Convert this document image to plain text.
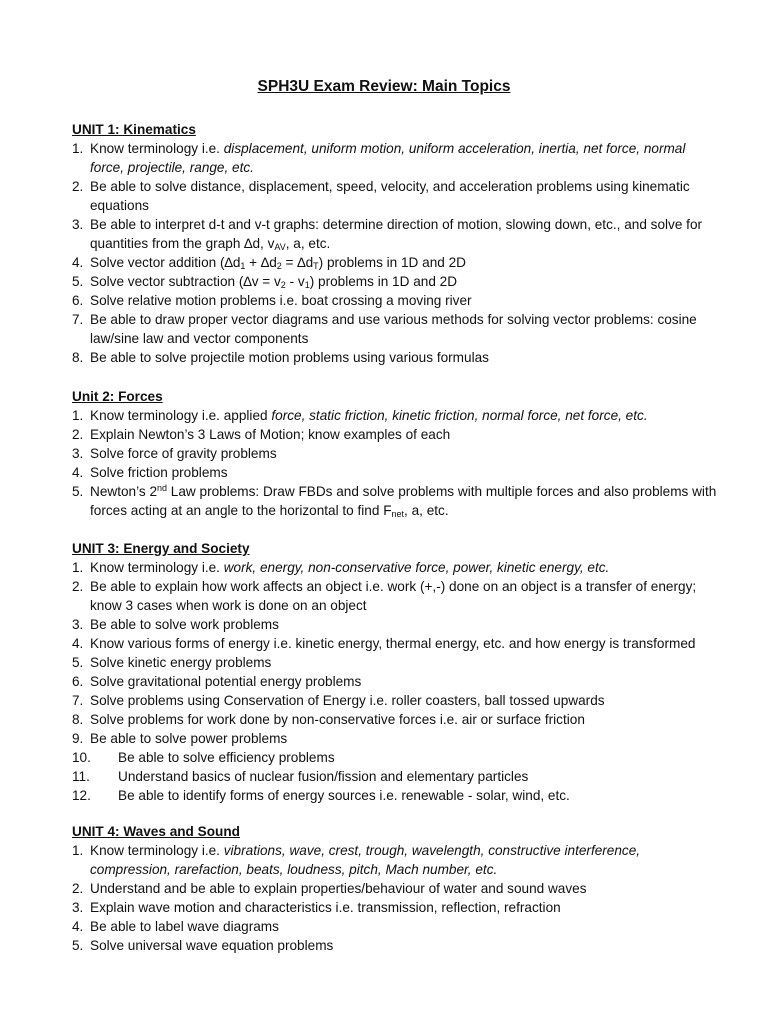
SPH3U Exam Review: Main Topics
UNIT 1: Kinematics
1. Know terminology i.e. displacement, uniform motion, uniform acceleration, inertia, net force, normal force, projectile, range, etc.
2. Be able to solve distance, displacement, speed, velocity, and acceleration problems using kinematic equations
3. Be able to interpret d-t and v-t graphs: determine direction of motion, slowing down, etc., and solve for quantities from the graph ∆d, $v_{AV}$, a, etc.
4. Solve vector addition $(\Delta d_1 + \Delta d_2 = \Delta d_T)$ problems in 1D and 2D
5. Solve vector subtraction $(\Delta v = v_2 - v_1)$ problems in 1D and 2D
6. Solve relative motion problems i.e. boat crossing a moving river
7. Be able to draw proper vector diagrams and use various methods for solving vector problems: cosine law/sine law and vector components
8. Be able to solve projectile motion problems using various formulas
Unit 2: Forces
1. Know terminology i.e. applied force, static friction, kinetic friction, normal force, net force, etc.
2. Explain Newton’s 3 Laws of Motion; know examples of each
3. Solve force of gravity problems
4. Solve friction problems
5. Newton’s 2nd Law problems: Draw FBDs and solve problems with multiple forces and also problems with forces acting at an angle to the horizontal to find $F_{net}$, a, etc.
UNIT 3: Energy and Society
1. Know terminology i.e. work, energy, non-conservative force, power, kinetic energy, etc.
2. Be able to explain how work affects an object i.e. work (+,-) done on an object is a transfer of energy; know 3 cases when work is done on an object
3. Be able to solve work problems
4. Know various forms of energy i.e. kinetic energy, thermal energy, etc. and how energy is transformed
5. Solve kinetic energy problems
6. Solve gravitational potential energy problems
7. Solve problems using Conservation of Energy i.e. roller coasters, ball tossed upwards
8. Solve problems for work done by non-conservative forces i.e. air or surface friction
9. Be able to solve power problems
10. Be able to solve efficiency problems
11. Understand basics of nuclear fusion/fission and elementary particles
12. Be able to identify forms of energy sources i.e. renewable - solar, wind, etc.
UNIT 4: Waves and Sound
1. Know terminology i.e. vibrations, wave, crest, trough, wavelength, constructive interference, compression, rarefaction, beats, loudness, pitch, Mach number, etc.
2. Understand and be able to explain properties/behaviour of water and sound waves
3. Explain wave motion and characteristics i.e. transmission, reflection, refraction
4. Be able to label wave diagrams
5. Solve universal wave equation problems
